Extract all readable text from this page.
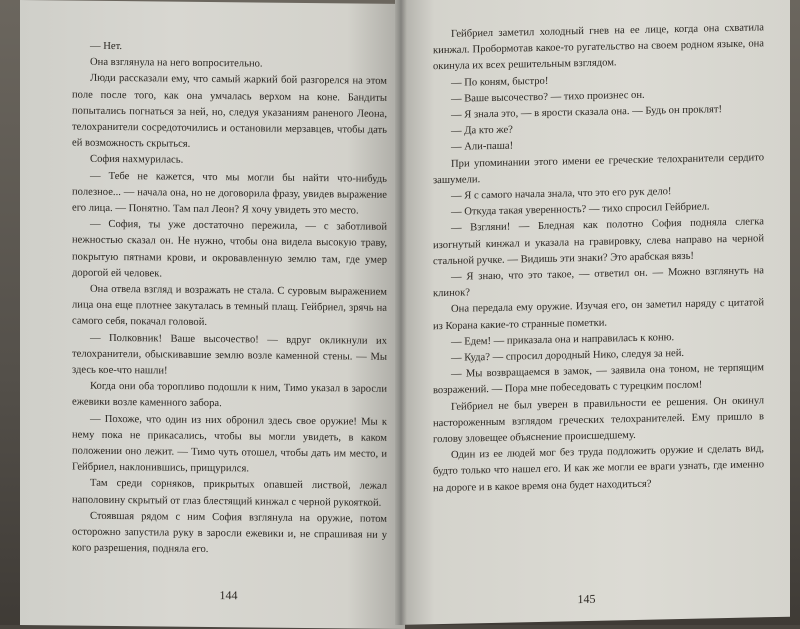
— Нет.

Она взглянула на него вопросительно.

Люди рассказали ему, что самый жаркий бой разгорелся на этом поле после того, как она умчалась верхом на коне. Бандиты попытались погнаться за ней, но, следуя указаниям раненого Леона, телохранители сосредоточились и остановили мерзавцев, чтобы дать ей возможность скрыться.

София нахмурилась.

— Тебе не кажется, что мы могли бы найти что-нибудь полезное... — начала она, но не договорила фразу, увидев выражение его лица. — Понятно. Там пал Леон? Я хочу увидеть это место.

— София, ты уже достаточно пережила, — с заботливой нежностью сказал он. Не нужно, чтобы она видела высокую траву, покрытую пятнами крови, и окровавленную землю там, где умер дорогой ей человек.

Она отвела взгляд и возражать не стала. С суровым выражением лица она еще плотнее закуталась в темный плащ. Гейбриел, зрячь на самого себя, покачал головой.

— Полковник! Ваше высочество! — вдруг окликнули их телохранители, обыскивавшие землю возле каменной стены. — Мы здесь кое-что нашли!

Когда они оба торопливо подошли к ним, Тимо указал в заросли ежевики возле каменного забора.

— Похоже, что один из них обронил здесь свое оружие! Мы к нему пока не прикасались, чтобы вы могли увидеть, в каком положении оно лежит. — Тимо чуть отошел, чтобы дать им место, и Гейбриел, наклонившись, прищурился.

Там среди сорняков, прикрытых опавшей листвой, лежал наполовину скрытый от глаз блестящий кинжал с черной рукояткой.

Стоявшая рядом с ним София взглянула на оружие, потом осторожно запустила руку в заросли ежевики и, не спрашивая ни у кого разрешения, подняла его.

144

Гейбриел заметил холодный гнев на ее лице, когда она схватила кинжал. Пробормотав какое-то ругательство на своем родном языке, она окинула их всех решительным взглядом.

— По коням, быстро!

— Ваше высочество? — тихо произнес он.

— Я знала это, — в ярости сказала она. — Будь он проклят!

— Да кто же?

— Али-паша!

При упоминании этого имени ее греческие телохранители сердито зашумели.

— Я с самого начала знала, что это его рук дело!

— Откуда такая уверенность? — тихо спросил Гейбриел.

— Взгляни! — Бледная как полотно София подняла слегка изогнутый кинжал и указала на гравировку, слева направо на черной стальной ручке. — Видишь эти знаки? Это арабская вязь!

— Я знаю, что это такое, — ответил он. — Можно взглянуть на клинок?

Она передала ему оружие. Изучая его, он заметил наряду с цитатой из Корана какие-то странные пометки.

— Едем! — приказала она и направилась к коню.

— Куда? — спросил дородный Нико, следуя за ней.

— Мы возвращаемся в замок, — заявила она тоном, не терпящим возражений. — Пора мне побеседовать с турецким послом!

Гейбриел не был уверен в правильности ее решения. Он окинул настороженным взглядом греческих телохранителей. Ему пришло в голову зловещее объяснение происшедшему.

Один из еe людей мог без труда подложить оружие и сделать вид, будто только что нашел его. И как же могли ее враги узнать, где именно на дороге и в какое время она будет находиться?

145
